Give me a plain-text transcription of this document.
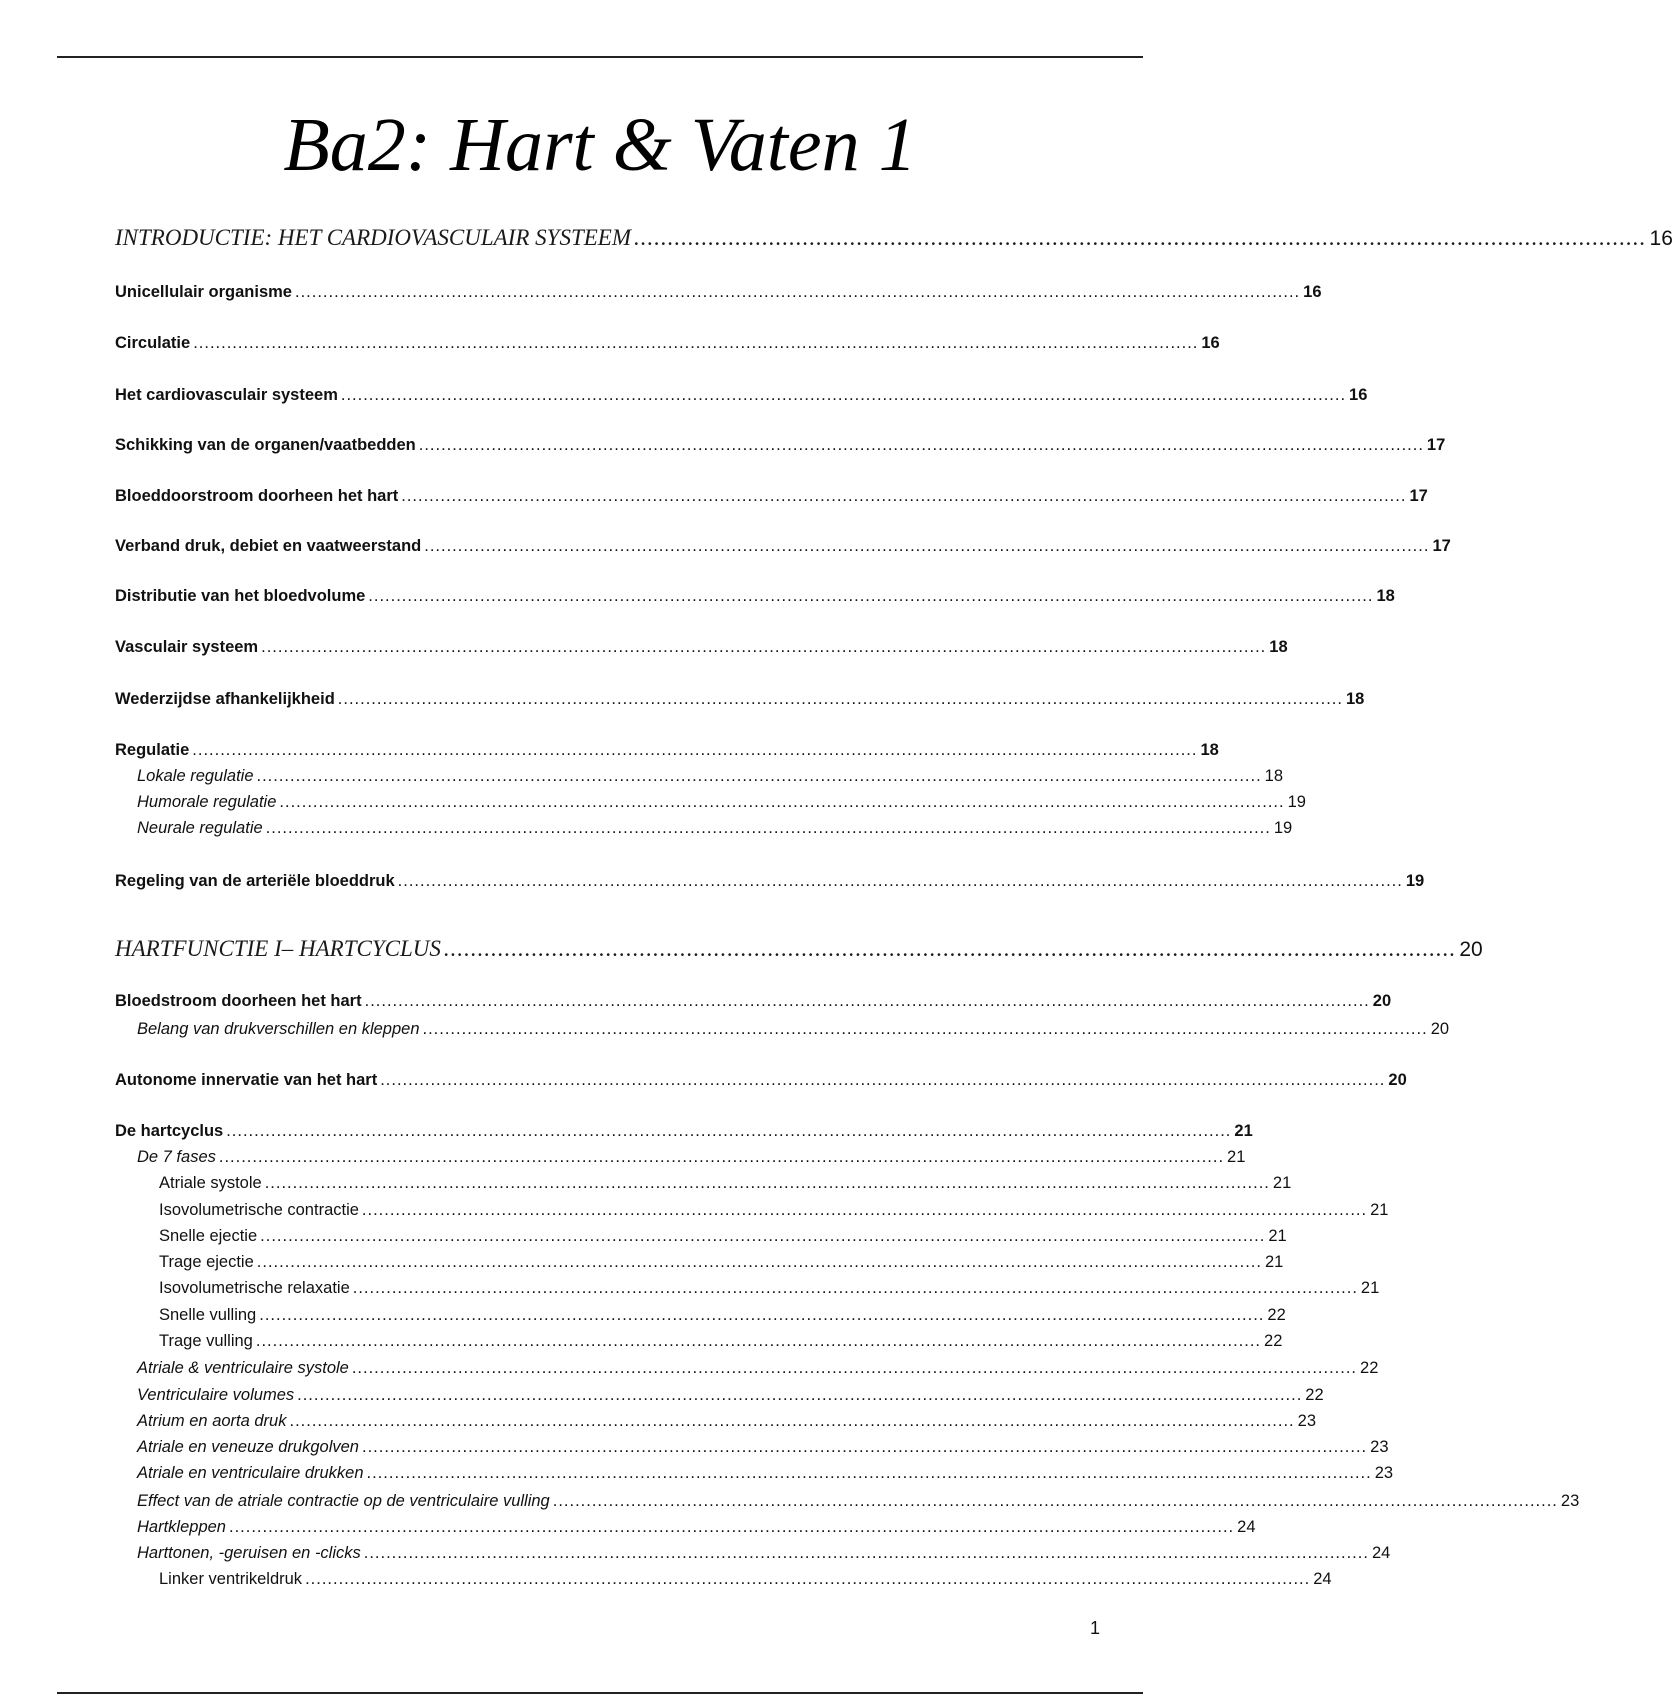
Ba2: Hart & Vaten 1
INTRODUCTIE: HET CARDIOVASCULAIR SYSTEEM ...................................................................................................................................................... 16
Unicellulair organisme .................................................................................................................................................................................... 16
Circulatie .................................................................................................................................................................................... 16
Het cardiovasculair systeem .................................................................................................................................................................................... 16
Schikking van de organen/vaatbedden .................................................................................................................................................................................... 17
Bloeddoorstroom doorheen het hart .................................................................................................................................................................................... 17
Verband druk, debiet en vaatweerstand .................................................................................................................................................................................... 17
Distributie van het bloedvolume .................................................................................................................................................................................... 18
Vasculair systeem .................................................................................................................................................................................... 18
Wederzijdse afhankelijkheid .................................................................................................................................................................................... 18
Regulatie .................................................................................................................................................................................... 18
Lokale regulatie .................................................................................................................................................................................... 18
Humorale regulatie .................................................................................................................................................................................... 19
Neurale regulatie .................................................................................................................................................................................... 19
Regeling van de arteriële bloeddruk .................................................................................................................................................................................... 19
HARTFUNCTIE I– HARTCYCLUS ...................................................................................................................................................... 20
Bloedstroom doorheen het hart .................................................................................................................................................................................... 20
Belang van drukverschillen en kleppen .................................................................................................................................................................................... 20
Autonome innervatie van het hart .................................................................................................................................................................................... 20
De hartcyclus .................................................................................................................................................................................... 21
De 7 fases .................................................................................................................................................................................... 21
Atriale systole .................................................................................................................................................................................... 21
Isovolumetrische contractie .................................................................................................................................................................................... 21
Snelle ejectie .................................................................................................................................................................................... 21
Trage ejectie .................................................................................................................................................................................... 21
Isovolumetrische relaxatie .................................................................................................................................................................................... 21
Snelle vulling .................................................................................................................................................................................... 22
Trage vulling .................................................................................................................................................................................... 22
Atriale & ventriculaire systole .................................................................................................................................................................................... 22
Ventriculaire volumes .................................................................................................................................................................................... 22
Atrium en aorta druk .................................................................................................................................................................................... 23
Atriale en veneuze drukgolven .................................................................................................................................................................................... 23
Atriale en ventriculaire drukken .................................................................................................................................................................................... 23
Effect van de atriale contractie op de ventriculaire vulling .................................................................................................................................................................................... 23
Hartkleppen .................................................................................................................................................................................... 24
Harttonen, -geruisen en -clicks .................................................................................................................................................................................... 24
Linker ventrikeldruk .................................................................................................................................................................................... 24
1
